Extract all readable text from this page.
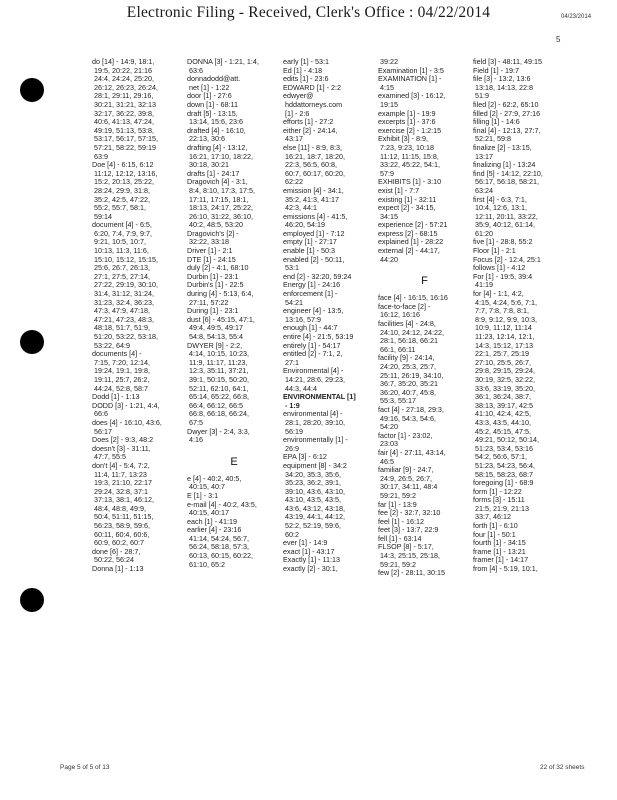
Electronic Filing - Received, Clerk's Office : 04/22/2014	04/23/2014
5
do [14] - 14:9, 18:1,
19:5, 20:22, 21:16
24:4, 24:24, 25:20,
26:12, 26:23, 26:24,
28:1, 29:11, 29:16,
30:21, 31:21, 32:13
32:17, 36:22, 39:8,
40:6, 41:13, 47:24,
49:19, 51:13, 53:8,
53:17, 56:17, 57:15,
57:21, 58:22, 59:19
63:9
Doe [4] - 6:15, 6:12
11:12, 12:12, 13:16,
15:2, 20:13, 25:22,
28:24, 29:9, 31:8,
35:2, 42:5, 47:22,
55:2, 55:7, 58:1,
59:14
document [4] - 6:5,
6:20, 7:4, 7:9, 9:7,
9:21, 10:5, 10:7,
10:13, 11:3, 11:6,
15:10, 15:12, 15:15,
25:6, 26:7, 26:13,
27:1, 27:5, 27:14,
27:22, 29:19, 30:10,
31:4, 31:12, 31:24,
31:23, 32:4, 36:23,
47:3, 47:9, 47:18,
47:21, 47:23, 48:3,
48:18, 51:7, 51:9,
51:20, 53:22, 53:18,
53:22, 64:9
documents [4] -
7:15, 7:20, 12:14,
19:24, 19:1, 19:8,
19:11, 25:7, 26:2,
44:24, 52:8, 58:7
Dodd [1] - 1:13
DODD [3] - 1:21, 4:4,
66:6
does [4] - 16:10, 43:6,
56:17
Does [2] - 9:3, 48:2
doesn't [3] - 31:11,
47:7, 55:5
don't [4] - 5:4, 7:2,
11:4, 11:7, 13:23
19:3, 21:10, 22:17
29:24, 32:8, 37:1
37:13, 38:1, 46:12,
48:4, 48:8, 49:9,
50:4, 51:11, 51:15,
56:23, 58:9, 59:6,
60:11, 60:4, 60:6,
60:9, 60:2, 60:7
done [6] - 28:7,
50:22, 56:24
Donna [1] - 1:13
DONNA [3] - 1:21, 1:4,
63:6
donnadodd@att.
net [1] - 1:22
door [1] - 27:6
down [1] - 68:11
draft [5] - 13:15,
13:14, 15:6, 23:6
drafted [4] - 16:10,
22:13, 30:6
drafting [4] - 13:12,
16:21, 17:10, 18:22,
30:18, 30:21
drafts [1] - 24:17
Dragovich [4] - 3:1,
8:4, 8:10, 17:3, 17:5,
17:11, 17:15, 18:1,
18:13, 24:17, 25:22,
26:10, 31:22, 36:10,
40:2, 48:5, 53:20
Dragovich's [2] -
32:22, 33:18
Driver [1] - 2:1
DTE [1] - 24:15
duly [2] - 4:1, 68:10
Durbin [1] - 23:1
Durbin's [1] - 22:5
during [4] - 5:13, 6:4,
27:11, 57:22
During [1] - 23:1
dust [6] - 45:15, 47:1,
49:4, 49:5, 49:17
54:8, 54:13, 55:4
DWYER [9] - 2:2,
4:14, 10:15, 10:23,
11:9, 11:17, 11:23,
12:3, 35:11, 37:21,
39:1, 50:15, 50:20,
52:11, 62:10, 64:1,
65:14, 65:22, 66:8,
66:4, 66:12, 66:5
66:8, 66:18, 66:24,
67:5
Dwyer [3] - 2:4, 3:3,
4:16
E
e [4] - 40:2, 40:5,
40:15, 40:7
E [1] - 3:1
e-mail [4] - 40:2, 43:5,
40:15, 40:17
each [1] - 41:19
earlier [4] - 23:16
41:14, 54:24, 56:7,
56:24, 58:18, 57:3,
60:13, 60:15, 60:22,
61:10, 65:2
early [1] - 53:1
Ed [1] - 4:18
edits [1] - 23:6
EDWARD [1] - 2:2
edwyer@
hddattorneys.com
[1] - 2:6
efforts [1] - 27:2
either [2] - 24:14,
43:17
else [11] - 8:9, 8:3,
16:21, 18:7, 18:20,
22:3, 56:5, 60:8,
60:7, 60:17, 60:20,
62:22
emission [4] - 34:1,
35:2, 41:3, 41:17
42:3, 44:1
emissions [4] - 41:5,
46:20, 54:19
employed [1] - 7:12
empty [1] - 27:17
enable [1] - 50:3
enabled [2] - 50:11,
53:1
end [2] - 32:20, 59:24
Energy [1] - 24:16
enforcement [1] -
54:21
engineer [4] - 13:5,
13:16, 57:9
enough [1] - 44:7
entire [4] - 21:5, 53:19
entirely [1] - 54:17
entitled [2] - 7:1, 2,
27:1
Environmental [4] -
14:21, 28:6, 29:23,
44:3, 44:4
ENVIRONMENTAL [1]
- 1:9
environmental [4] -
28:1, 28:20, 39:10,
56:19
environmentally [1] -
26:9
EPA [3] - 6:12
equipment [8] - 34:2
34:20, 35:3, 35:6,
35:23, 36:2, 39:1,
39:10, 43:6, 43:10,
43:10, 43:5, 43:5,
43:6, 43:12, 43:18,
43:19, 44:1, 44:12,
52:2, 52:19, 59:6,
60:2
ever [1] - 14:9
exact [1] - 43:17
Exactly [1] - 11:13
exactly [2] - 30:1,
39:22
Examination [1] - 3:5
EXAMINATION [1] -
4:15
examined [3] - 16:12,
19:15
example [1] - 19:9
excerpts [1] - 37:6
exercise [2] - 1:2:15
Exhibit [3] - 8:9,
7:23, 9:23, 10:18
11:12, 11:15, 15:8,
33:22, 45:22, 54:1,
57:9
EXHIBITS [1] - 3:10
exist [1] - 7:7
existing [1] - 32:11
expect [2] - 34:15,
34:15
experience [2] - 57:21
express [2] - 68:15
explained [1] - 28:22
external [2] - 44:17,
44:20
F
face [4] - 16:15, 16:16
face-to-face [2] -
16:12, 16:16
facilities [4] - 24:8,
24:10, 24:12, 24:22,
28:1, 56:18, 66:21
66:1, 66:11
facility [9] - 24:14,
24:20, 25:3, 25:7,
25:11, 26:19, 34:10,
36:7, 35:20, 35:21
36:20, 40:7, 45:8,
55:3, 55:17
fact [4] - 27:18, 29:3,
49:16, 54:3, 54:6,
54:20
factor [1] - 23:02,
23:03
fair [4] - 27:11, 43:14,
46:5
familiar [9] - 24:7,
24:9, 26:5, 26:7,
30:17, 34:11, 48:4
59:21, 59:2
far [1] - 13:9
fee [2] - 32:7, 32:10
feel [1] - 16:12
feet [3] - 13:7, 22:9
fell [1] - 63:14
FLSOP [8] - 5:17,
14:3, 25:15, 25:18,
59:21, 59:2
few [2] - 28:11, 30:15
field [3] - 48:11, 49:15
Field [1] - 19:7
file [3] - 13:2, 13:6
13:18, 14:13, 22:8
51:9
filed [2] - 62:2, 65:10
filled [2] - 27:9, 27:16
filling [1] - 14:6
final [4] - 12:13, 27:7,
52:21, 59:8
finalize [2] - 13:15,
13:17
finalizing [1] - 13:24
find [5] - 14:12, 22:10,
56:17, 56:18, 58:21,
63:24
first [4] - 6:3, 7:1,
10:4, 12:6, 13:1,
12:11, 20:11, 33:22,
35:9, 40:12, 61:14,
61:20
five [1] - 28:8, 55:2
Floor [1] - 2:1
Focus [2] - 12:4, 25:1
follows [1] - 4:12
For [1] - 19:5, 39:4
41:19
for [4] - 1:1, 4:2,
4:15, 4:24, 5:6, 7:1,
7:7, 7:8, 7:8, 8:1,
8:9, 9:12, 9:9, 10:3,
10:9, 11:12, 11:14
11:23, 12:14, 12:1,
14:3, 15:12, 17:13
22:1, 25:7, 25:19
27:10, 25:5, 26:7,
29:8, 29:15, 29:24,
30:19, 32:5, 32:22,
33:6, 33:19, 35:20,
36:1, 36:24, 38:7,
38:13, 39:17, 42:5
41:10, 42:4, 42:5,
43:3, 43:5, 44:10,
45:2, 45:15, 47:5,
49:21, 50:12, 50:14,
51:23, 53:4, 53:16
54:2, 56:6, 57:1,
51:23, 54:23, 56:4,
58:15, 58:23, 68:7
foregoing [1] - 68:9
form [1] - 12:22
forms [3] - 15:11
21:5, 21:9, 21:13
33:7, 46:12
forth [1] - 6:10
four [1] - 50:1
fourth [1] - 34:15
frame [1] - 13:21
framer [1] - 14:17
from [4] - 5:19, 10:1,
Page 5 of 5 of 13	22 of 32 sheets
